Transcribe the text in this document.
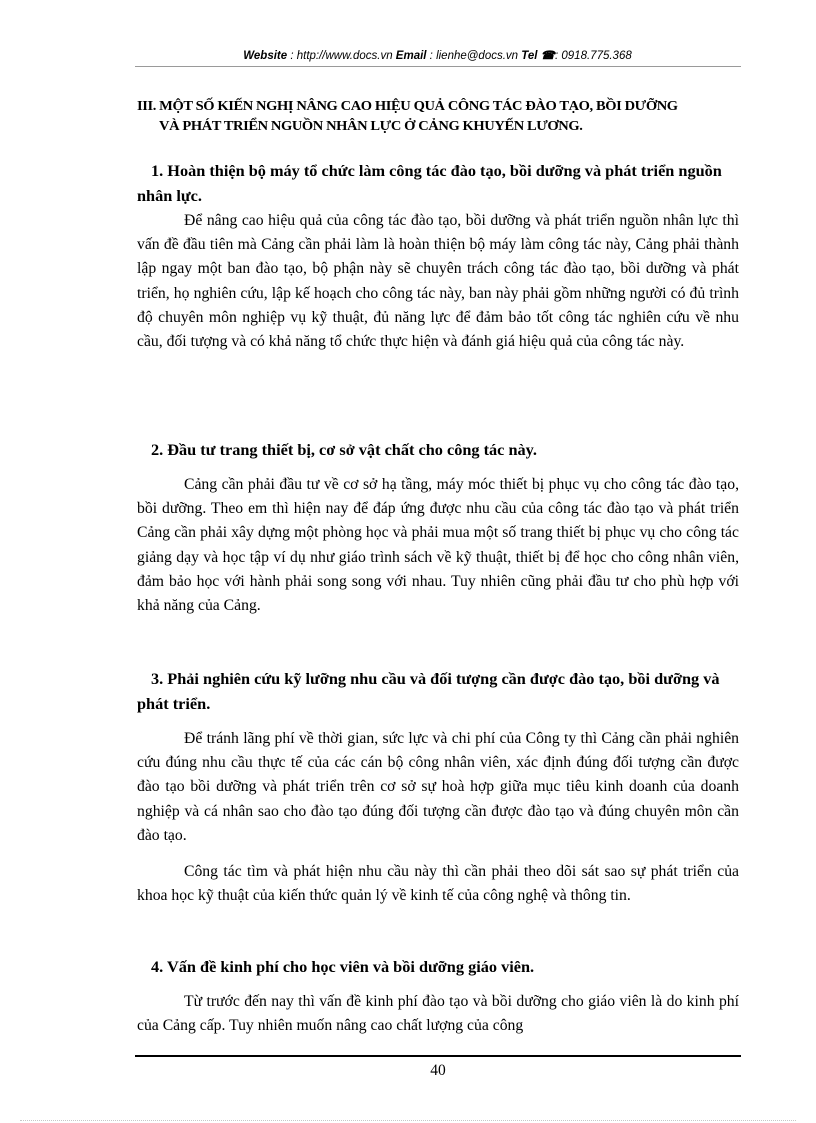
Website : http://www.docs.vn Email : lienhe@docs.vn Tel ☎: 0918.775.368
III. MỘT SỐ KIẾN NGHỊ NÂNG CAO HIỆU QUẢ CÔNG TÁC ĐÀO TẠO, BỒI DƯỠNG
VÀ PHÁT TRIỂN NGUỒN NHÂN LỰC Ở CẢNG KHUYẾN LƯƠNG.
1. Hoàn thiện bộ máy tổ chức làm công tác đào tạo, bồi dưỡng và phát triển nguồn nhân lực.
Để nâng cao hiệu quả của công tác đào tạo, bồi dưỡng và phát triển nguồn nhân lực thì vấn đề đầu tiên mà Cảng cần phải làm là hoàn thiện bộ máy làm công tác này, Cảng phải thành lập ngay một ban đào tạo, bộ phận này sẽ chuyên trách công tác đào tạo, bồi dưỡng và phát triển, họ nghiên cứu, lập kế hoạch cho công tác này, ban này phải gồm những người có đủ trình độ chuyên môn nghiệp vụ kỹ thuật, đủ năng lực để đảm bảo tốt công tác nghiên cứu về nhu cầu, đối tượng và có khả năng tổ chức thực hiện và đánh giá hiệu quả của công tác này.
2. Đầu tư trang thiết bị, cơ sở vật chất cho công tác này.
Cảng cần phải đầu tư về cơ sở hạ tầng, máy móc thiết bị phục vụ cho công tác đào tạo, bồi dưỡng. Theo em thì hiện nay để đáp ứng được nhu cầu của công tác đào tạo và phát triển Cảng cần phải xây dựng một phòng học và phải mua một số trang thiết bị phục vụ cho công tác giảng dạy và học tập ví dụ như giáo trình sách về kỹ thuật, thiết bị để học cho công nhân viên, đảm bảo học với hành phải song song với nhau. Tuy nhiên cũng phải đầu tư cho phù hợp với khả năng của Cảng.
3. Phải nghiên cứu kỹ lưỡng nhu cầu và đối tượng cần được đào tạo, bồi dưỡng và phát triển.
Để tránh lãng phí về thời gian, sức lực và chi phí của Công ty thì Cảng cần phải nghiên cứu đúng nhu cầu thực tế của các cán bộ công nhân viên, xác định đúng đối tượng cần được đào tạo bồi dưỡng và phát triển trên cơ sở sự hoà hợp giữa mục tiêu kinh doanh của doanh nghiệp và cá nhân sao cho đào tạo đúng đối tượng cần được đào tạo và đúng chuyên môn cần đào tạo.
Công tác tìm và phát hiện nhu cầu này thì cần phải theo dõi sát sao sự phát triển của khoa học kỹ thuật của kiến thức quản lý về kinh tế của công nghệ và thông tin.
4. Vấn đề kinh phí cho học viên và bồi dưỡng giáo viên.
Từ trước đến nay thì vấn đề kinh phí đào tạo và bồi dưỡng cho giáo viên là do kinh phí của Cảng cấp. Tuy nhiên muốn nâng cao chất lượng của công
40
